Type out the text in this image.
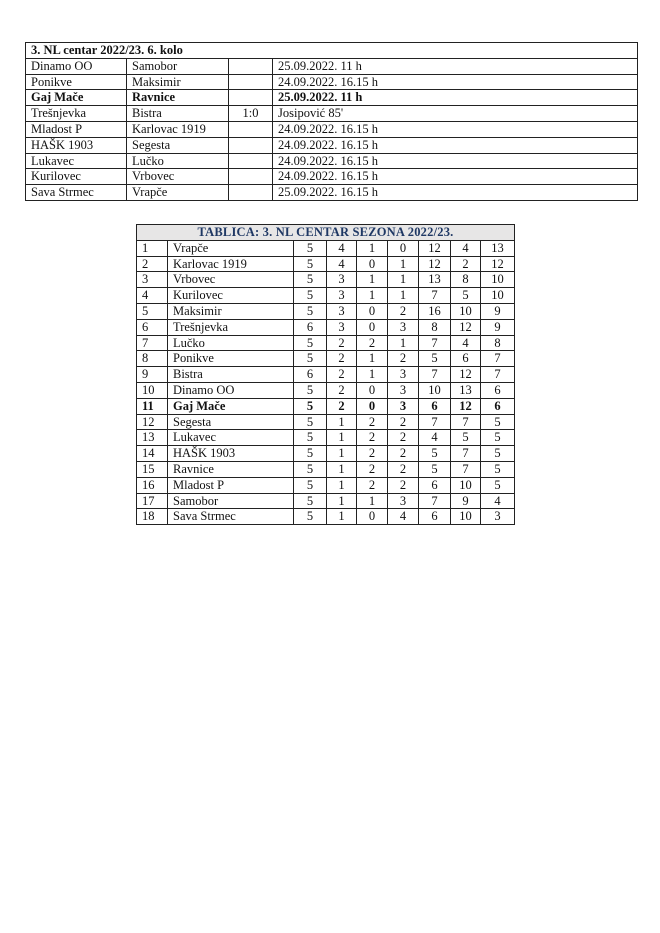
3. NL centar 2022/23. 6. kolo			
Dinamo OO	Samobor		25.09.2022. 11 h
Ponikve	Maksimir		24.09.2022. 16.15 h
Gaj Mače	Ravnice		25.09.2022. 11 h
Trešnjevka	Bistra	1:0	Josipović 85'
Mladost P	Karlovac 1919		24.09.2022. 16.15 h
HAŠK 1903	Segesta		24.09.2022. 16.15 h
Lukavec	Lučko		24.09.2022. 16.15 h
Kurilovec	Vrbovec		24.09.2022. 16.15 h
Sava Strmec	Vrapče		25.09.2022. 16.15 h
TABLICA: 3. NL CENTAR SEZONA 2022/23.								
1	Vrapče	5	4	1	0	12	4	13
2	Karlovac 1919	5	4	0	1	12	2	12
3	Vrbovec	5	3	1	1	13	8	10
4	Kurilovec	5	3	1	1	7	5	10
5	Maksimir	5	3	0	2	16	10	9
6	Trešnjevka	6	3	0	3	8	12	9
7	Lučko	5	2	2	1	7	4	8
8	Ponikve	5	2	1	2	5	6	7
9	Bistra	6	2	1	3	7	12	7
10	Dinamo OO	5	2	0	3	10	13	6
11	Gaj Mače	5	2	0	3	6	12	6
12	Segesta	5	1	2	2	7	7	5
13	Lukavec	5	1	2	2	4	5	5
14	HAŠK 1903	5	1	2	2	5	7	5
15	Ravnice	5	1	2	2	5	7	5
16	Mladost P	5	1	2	2	6	10	5
17	Samobor	5	1	1	3	7	9	4
18	Sava Strmec	5	1	0	4	6	10	3
